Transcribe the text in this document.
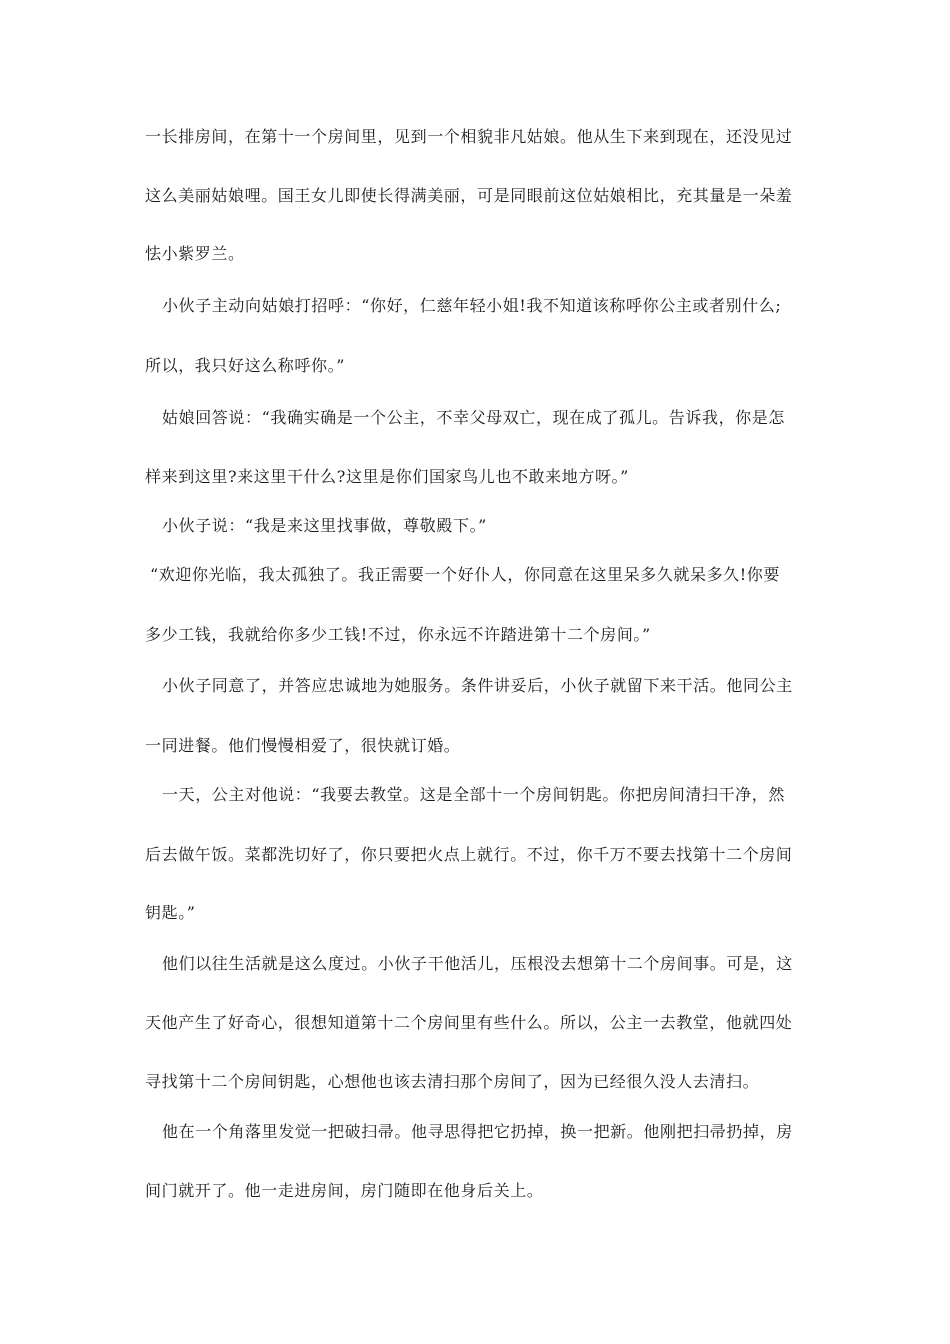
一长排房间，在第十一个房间里，见到一个相貌非凡姑娘。他从生下来到现在，还没见过
这么美丽姑娘哩。国王女儿即使长得满美丽，可是同眼前这位姑娘相比，充其量是一朵羞
怯小紫罗兰。
小伙子主动向姑娘打招呼：“你好，仁慈年轻小姐!我不知道该称呼你公主或者别什么;
所以，我只好这么称呼你。”
姑娘回答说：“我确实确是一个公主，不幸父母双亡，现在成了孤儿。告诉我，你是怎
样来到这里?来这里干什么?这里是你们国家鸟儿也不敢来地方呀。”
小伙子说：“我是来这里找事做，尊敬殿下。”
“欢迎你光临，我太孤独了。我正需要一个好仆人，你同意在这里呆多久就呆多久!你要
多少工钱，我就给你多少工钱!不过，你永远不许踏进第十二个房间。”
小伙子同意了，并答应忠诚地为她服务。条件讲妥后，小伙子就留下来干活。他同公主
一同进餐。他们慢慢相爱了，很快就订婚。
一天，公主对他说：“我要去教堂。这是全部十一个房间钥匙。你把房间清扫干净，然
后去做午饭。菜都洗切好了，你只要把火点上就行。不过，你千万不要去找第十二个房间
钥匙。”
他们以往生活就是这么度过。小伙子干他活儿，压根没去想第十二个房间事。可是，这
天他产生了好奇心，很想知道第十二个房间里有些什么。所以，公主一去教堂，他就四处
寻找第十二个房间钥匙，心想他也该去清扫那个房间了，因为已经很久没人去清扫。
他在一个角落里发觉一把破扫帚。他寻思得把它扔掉，换一把新。他刚把扫帚扔掉，房
间门就开了。他一走进房间，房门随即在他身后关上。
